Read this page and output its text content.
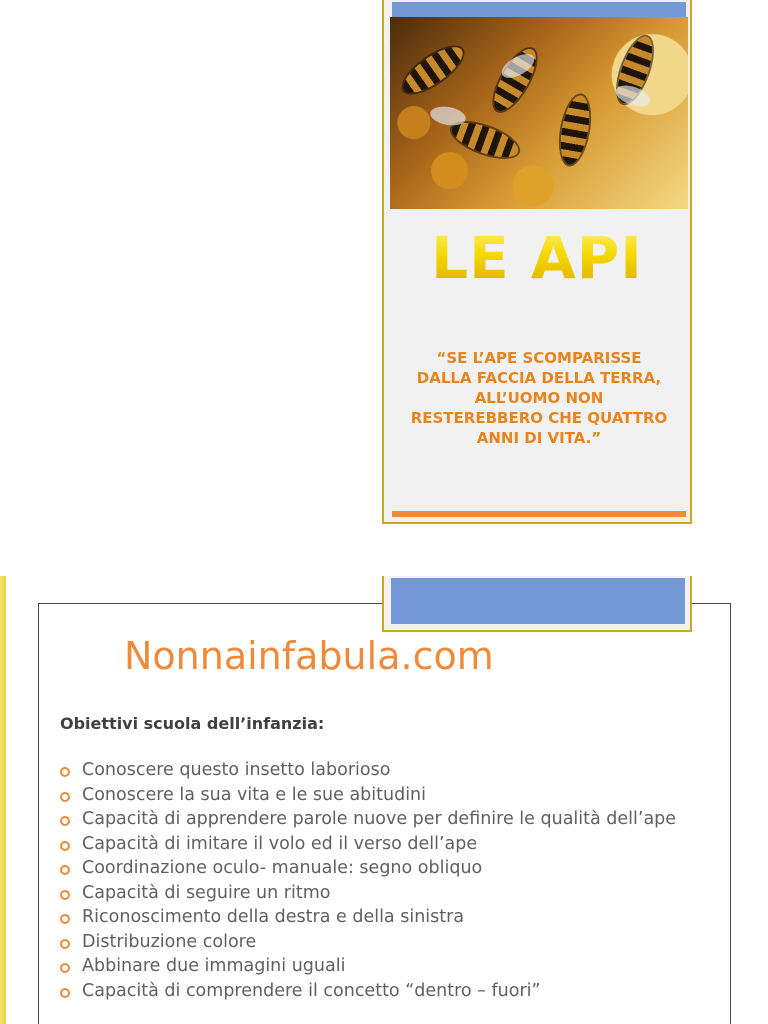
LE API
“SE L’APE SCOMPARISSE
DALLA FACCIA DELLA TERRA,
ALL’UOMO NON
RESTEREBBERO CHE QUATTRO
ANNI DI VITA.”
Nonnainfabula.com
Obiettivi scuola dell’infanzia:
Conoscere questo insetto laborioso
Conoscere la sua vita e le sue abitudini
Capacità di apprendere parole nuove per definire le qualità dell’ape
Capacità di imitare il volo ed il verso dell’ape
Coordinazione oculo- manuale: segno obliquo
Capacità di seguire un ritmo
Riconoscimento della destra e della sinistra
Distribuzione colore
Abbinare due immagini uguali
Capacità di comprendere il concetto “dentro – fuori”
